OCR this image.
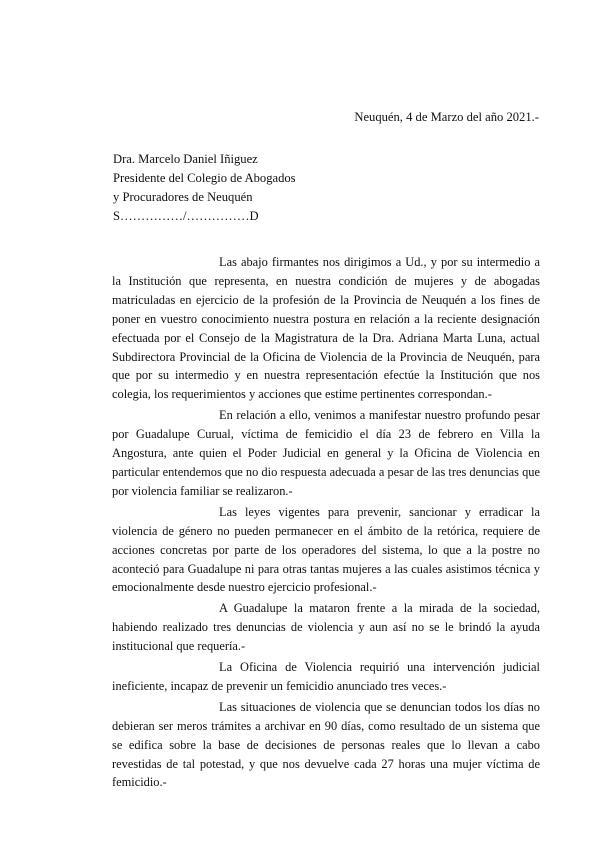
Neuquén, 4 de Marzo del año 2021.-
Dra. Marcelo Daniel Iñiguez
Presidente del Colegio de Abogados
y Procuradores de Neuquén
S……………/……………D

Las abajo firmantes nos dirigimos a Ud., y por su intermedio a la Institución que representa, en nuestra condición de mujeres y de abogadas matriculadas en ejercicio de la profesión de la Provincia de Neuquén a los fines de poner en vuestro conocimiento nuestra postura en relación a la reciente designación efectuada por el Consejo de la Magistratura de la Dra. Adriana Marta Luna, actual Subdirectora Provincial de la Oficina de Violencia de la Provincia de Neuquén, para que por su intermedio y en nuestra representación efectúe la Institución que nos colegia, los requerimientos y acciones que estime pertinentes correspondan.-

En relación a ello, venimos a manifestar nuestro profundo pesar por Guadalupe Curual, víctima de femicidio el día 23 de febrero en Villa la Angostura, ante quien el Poder Judicial en general y la Oficina de Violencia en particular entendemos que no dio respuesta adecuada a pesar de las tres denuncias que por violencia familiar se realizaron.-

Las leyes vigentes para prevenir, sancionar y erradicar la violencia de género no pueden permanecer en el ámbito de la retórica, requiere de acciones concretas por parte de los operadores del sistema, lo que a la postre no aconteció para Guadalupe ni para otras tantas mujeres a las cuales asistimos técnica y emocionalmente desde nuestro ejercicio profesional.-

A Guadalupe la mataron frente a la mirada de la sociedad, habiendo realizado tres denuncias de violencia y aun así no se le brindó la ayuda institucional que requería.-

La Oficina de Violencia requirió una intervención judicial ineficiente, incapaz de prevenir un femicidio anunciado tres veces.-

Las situaciones de violencia que se denuncian todos los días no debieran ser meros trámites a archivar en 90 días, como resultado de un sistema que se edifica sobre la base de decisiones de personas reales que lo llevan a cabo revestidas de tal potestad, y que nos devuelve cada 27 horas una mujer víctima de femicidio.-
